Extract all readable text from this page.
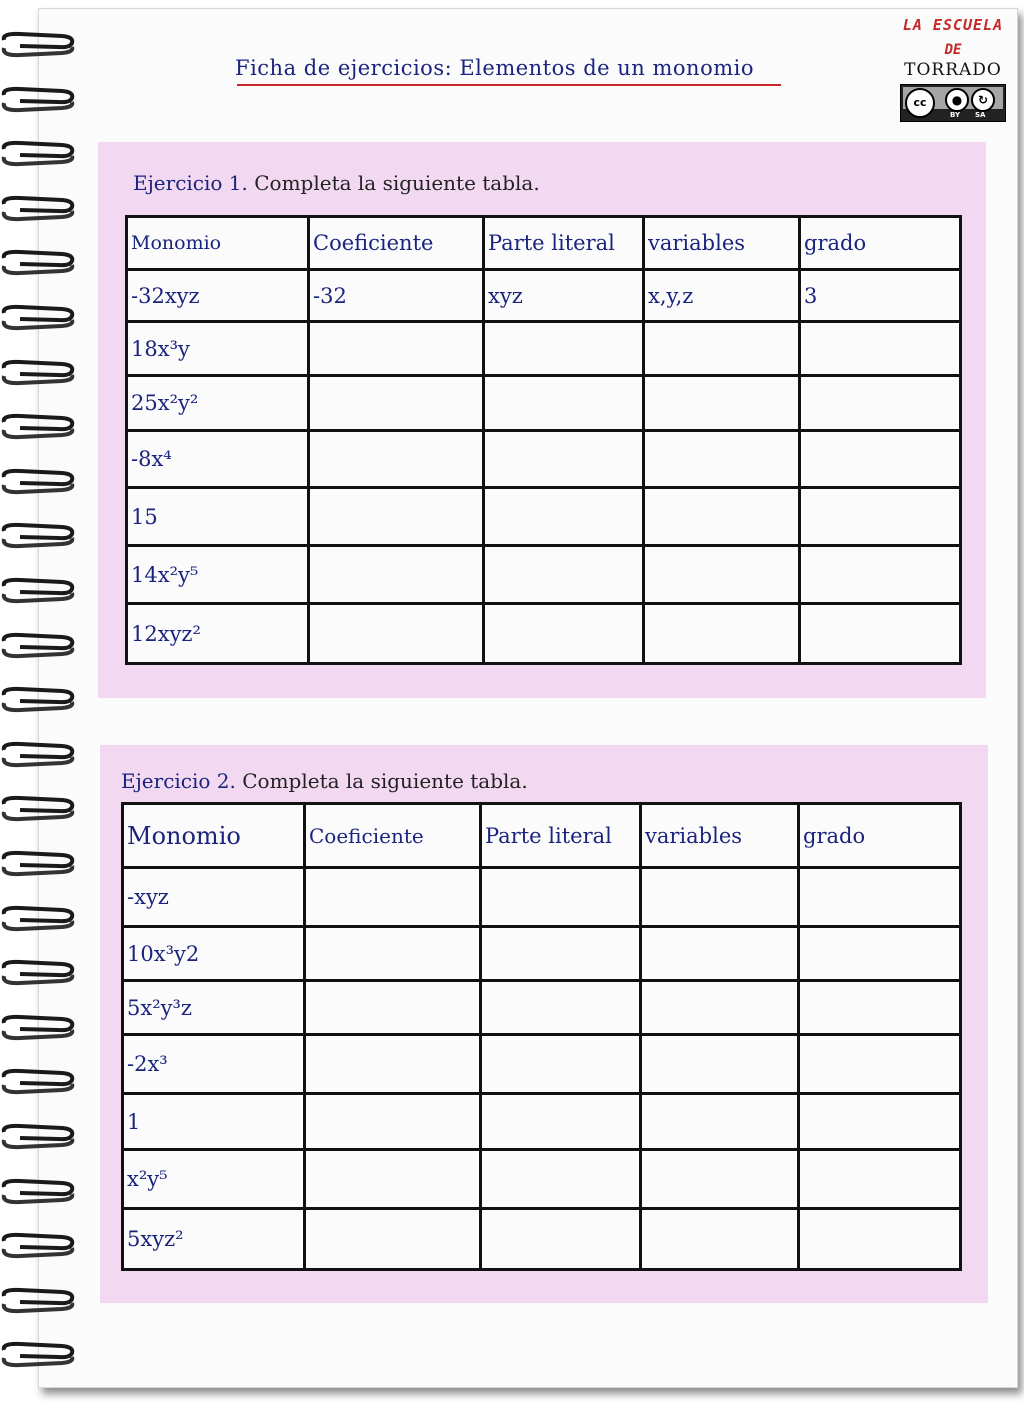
Ficha de ejercicios: Elementos de un monomio
LA ESCUELA
DE
TORRADO
cc	●	↻
BY SA
Ejercicio 1. Completa la siguiente tabla.
Monomio	Coeficiente	Parte literal	variables	grado
-32xyz	-32	xyz	x,y,z	3
18x³y				
25x²y²				
-8x⁴				
15				
14x²y⁵				
12xyz²				
Ejercicio 2. Completa la siguiente tabla.
Monomio	Coeficiente	Parte literal	variables	grado
-xyz				
10x³y2				
5x²y³z				
-2x³				
1				
x²y⁵				
5xyz²				
